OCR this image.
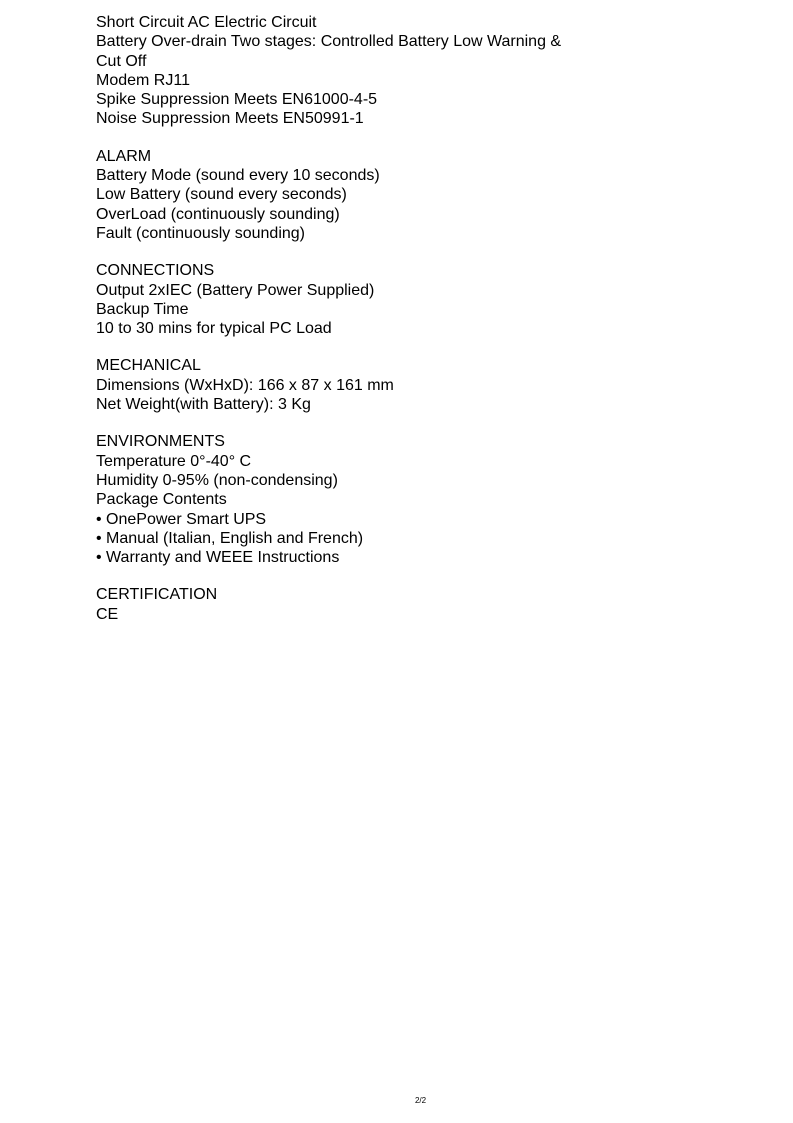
Short Circuit AC Electric Circuit
Battery Over-drain Two stages: Controlled Battery Low Warning & Cut Off
Modem RJ11
Spike Suppression Meets EN61000-4-5
Noise Suppression Meets EN50991-1
ALARM
Battery Mode (sound every 10 seconds)
Low Battery (sound every seconds)
OverLoad (continuously sounding)
Fault (continuously sounding)
CONNECTIONS
Output 2xIEC (Battery Power Supplied)
Backup Time
10 to 30 mins for typical PC Load
MECHANICAL
Dimensions (WxHxD): 166 x 87 x 161 mm
Net Weight(with Battery): 3 Kg
ENVIRONMENTS
Temperature 0°-40° C
Humidity 0-95% (non-condensing)
Package Contents
• OnePower Smart UPS
• Manual (Italian, English and French)
• Warranty and WEEE Instructions
CERTIFICATION
CE
2/2
